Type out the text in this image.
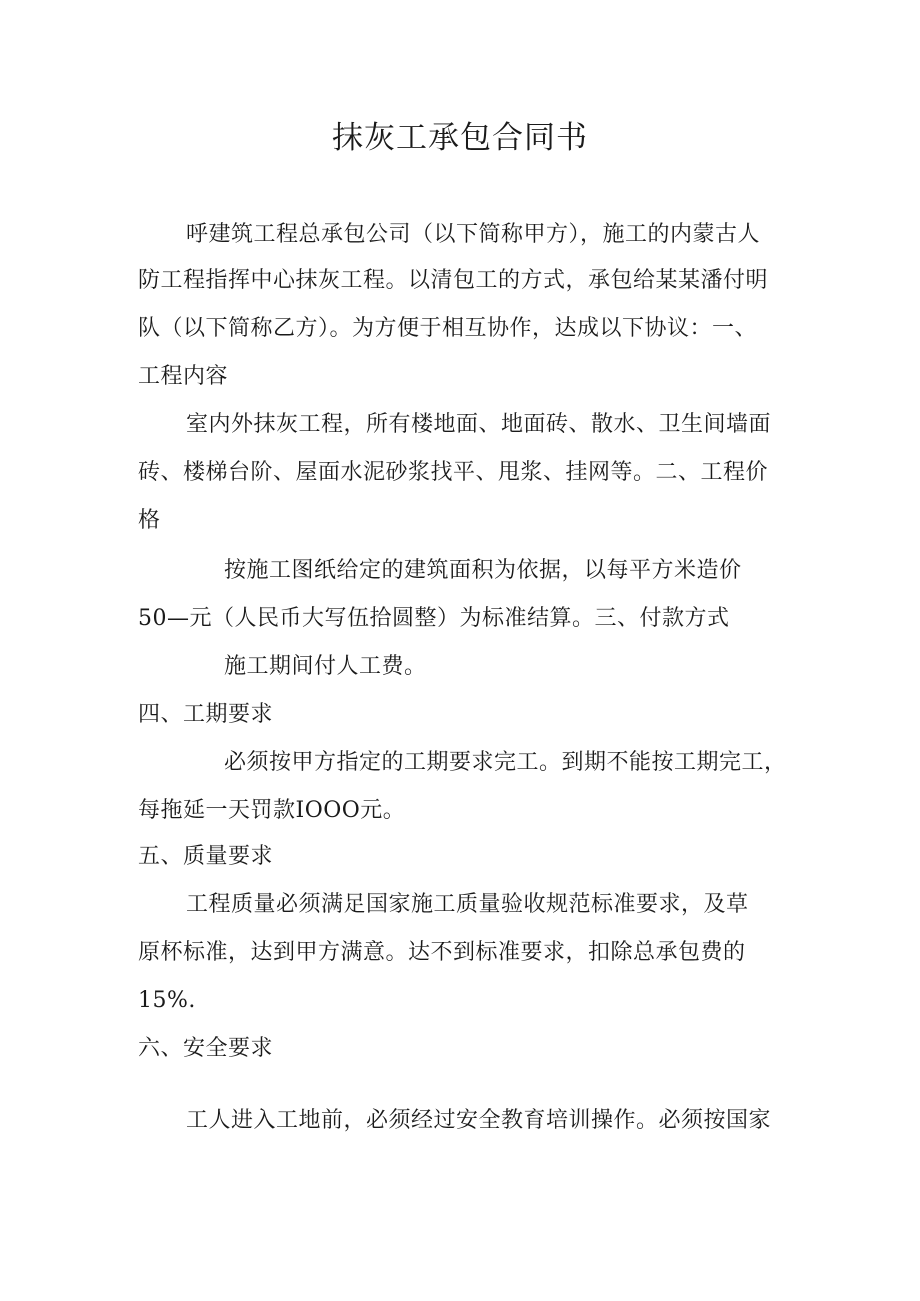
抹灰工承包合同书
呼建筑工程总承包公司（以下简称甲方），施工的内蒙古人
防工程指挥中心抹灰工程。以清包工的方式，承包给某某潘付明
队（以下简称乙方）。为方便于相互协作，达成以下协议：一、
工程内容
室内外抹灰工程，所有楼地面、地面砖、散水、卫生间墙面
砖、楼梯台阶、屋面水泥砂浆找平、甩浆、挂网等。二、工程价
格
按施工图纸给定的建筑面积为依据，以每平方米造价
50—元（人民币大写伍拾圆整）为标准结算。三、付款方式
施工期间付人工费。
四、工期要求
必须按甲方指定的工期要求完工。到期不能按工期完工，
每拖延一天罚款IOOO元。
五、质量要求
工程质量必须满足国家施工质量验收规范标准要求，及草
原杯标准，达到甲方满意。达不到标准要求，扣除总承包费的
15%.
六、安全要求
工人进入工地前，必须经过安全教育培训操作。必须按国家
